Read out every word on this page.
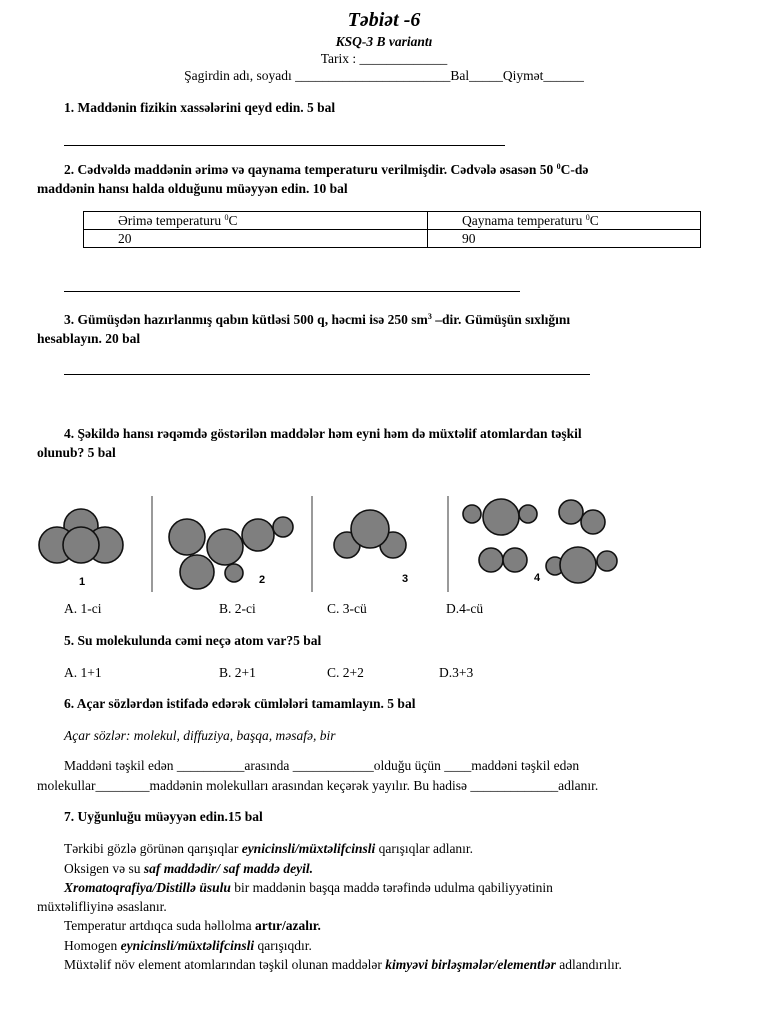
Təbiət -6
KSQ-3 B variantı
Tarix : _____________
Şagirdin adı, soyadı _______________________Bal_____Qiymət______
1. Maddənin fizikin xassələrini qeyd edin. 5 bal
2. Cədvəldə maddənin ərimə və qaynama temperaturu verilmişdir. Cədvələ əsasən 50 $^0$C-də
maddənin hansı halda olduğunu müəyyən edin. 10 bal
Ərimə temperaturu $^0$C	Qaynama temperaturu $^0$C
20	90
3. Gümüşdən hazırlanmış qabın kütləsi 500 q, həcmi isə 250 $sm^3$ –dir. Gümüşün sıxlığını
hesablayın. 20 bal
4. Şəkildə hansı rəqəmdə göstərilən maddələr həm eyni həm də müxtəlif atomlardan təşkil
olunub? 5 bal
1	2	3	4
A. 1-ci	B. 2-ci	C. 3-cü	D.4-cü
5. Su molekulunda cəmi neçə atom var?5 bal
A. 1+1	B. 2+1	C. 2+2	D.3+3
6. Açar sözlərdən istifadə edərək cümlələri tamamlayın. 5 bal
Açar sözlər: molekul, diffuziya, başqa, məsafə, bir
Maddəni təşkil edən __________arasında ____________olduğu üçün ____maddəni təşkil edən
molekullar________maddənin molekulları arasından keçərək yayılır. Bu hadisə _____________adlanır.
7. Uyğunluğu müəyyən edin.15 bal
Tərkibi gözlə görünən qarışıqlar eynicinsli/müxtəlifcinsli qarışıqlar adlanır.
Oksigen və su saf maddədir/ saf maddə deyil.
Xromatoqrafiya/Distillə üsulu bir maddənin başqa maddə tərəfində udulma qabiliyyətinin
müxtəlifliyinə əsaslanır.
Temperatur artdıqca suda həllolma artır/azalır.
Homogen eynicinsli/müxtəlifcinsli qarışıqdır.
Müxtəlif növ element atomlarından təşkil olunan maddələr kimyəvi birləşmələr/elementlər adlandırılır.
